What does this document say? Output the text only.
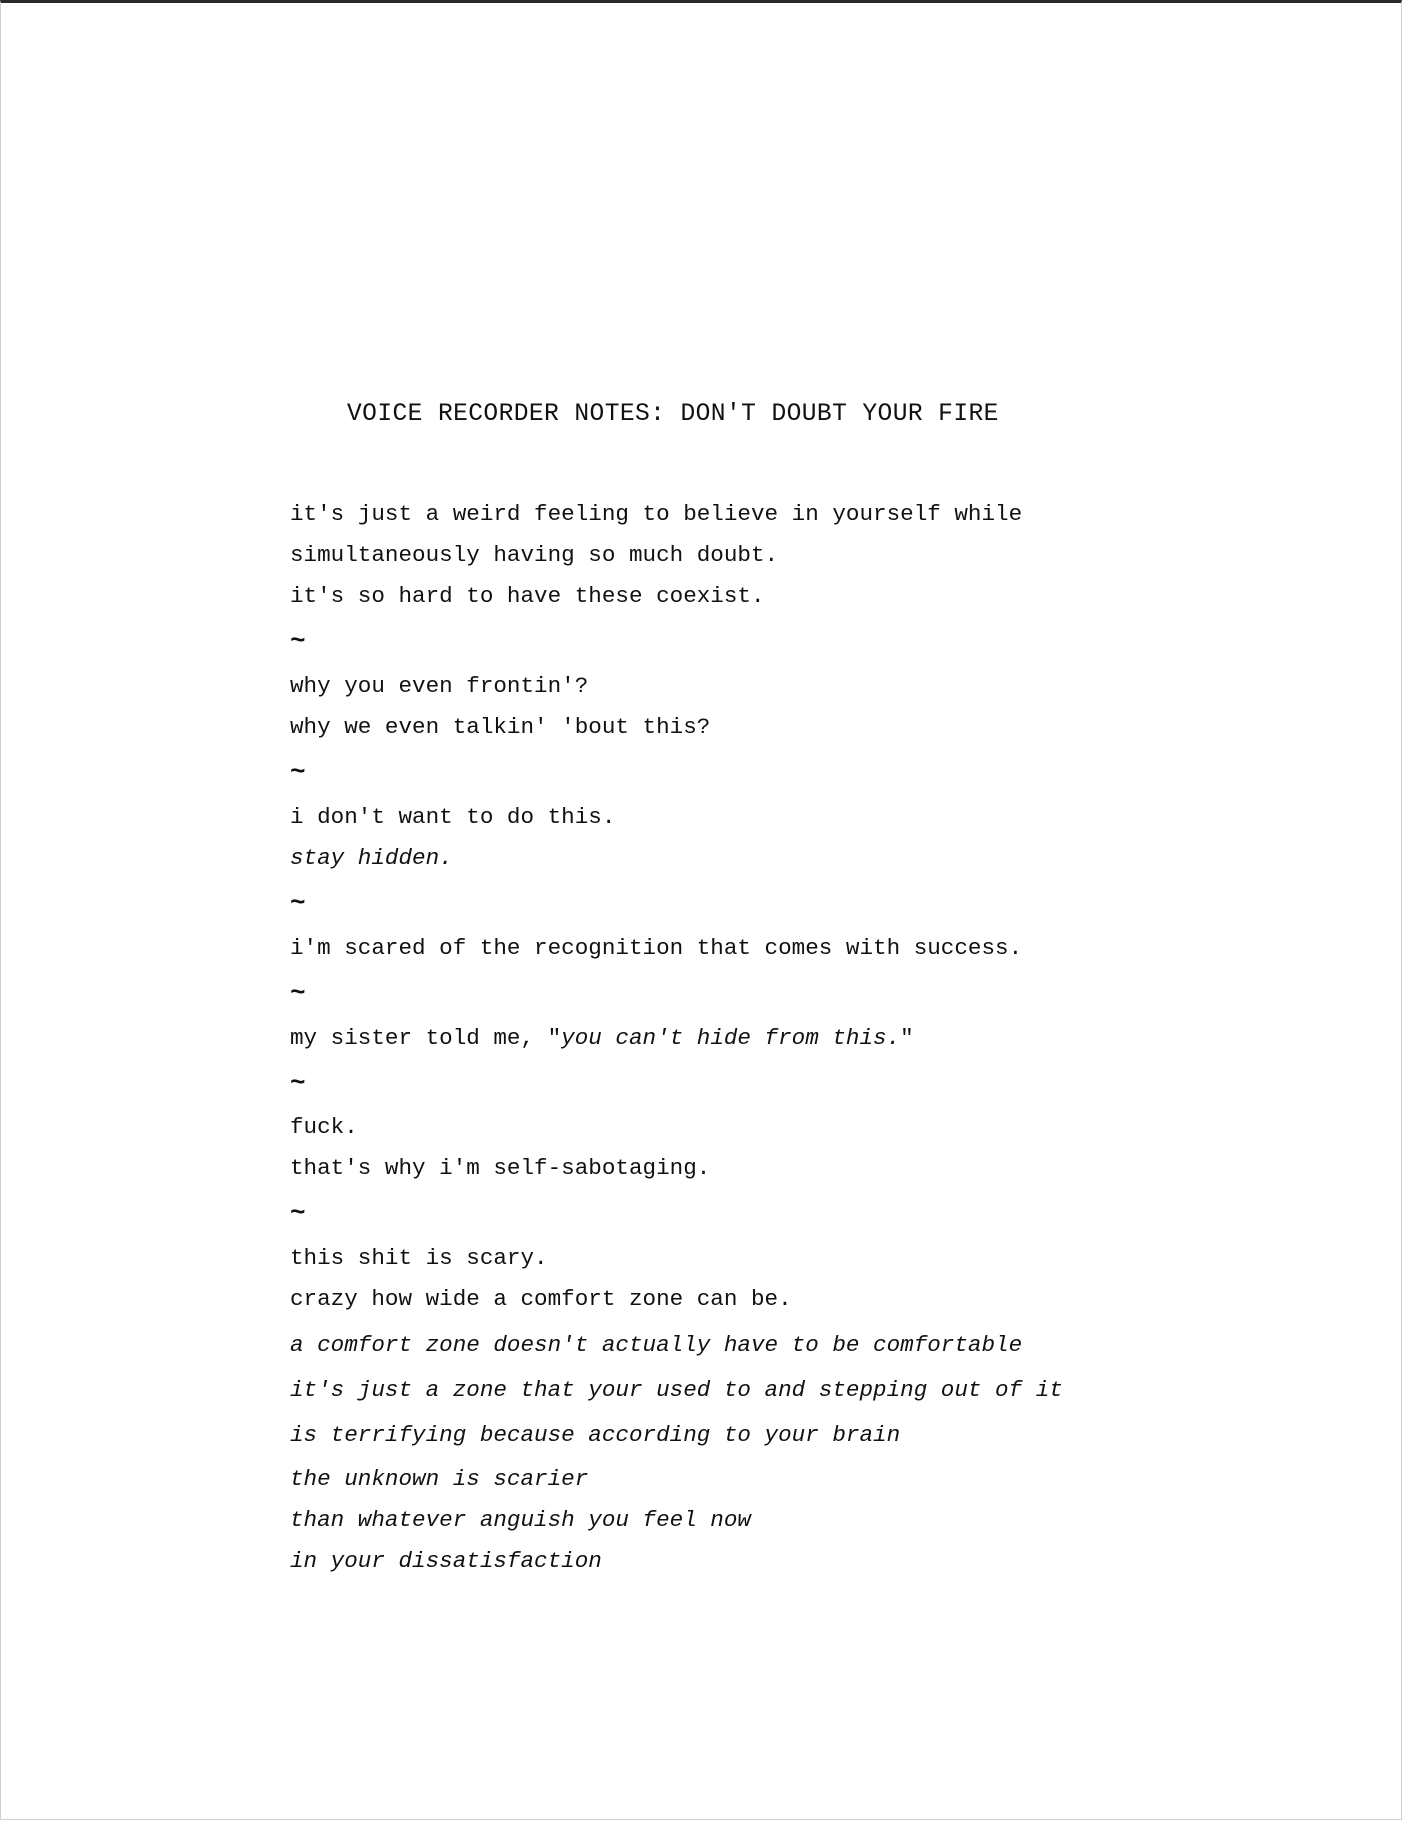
VOICE RECORDER NOTES: DON'T DOUBT YOUR FIRE
it's just a weird feeling to believe in yourself while
simultaneously having so much doubt.
it's so hard to have these coexist.
~
why you even frontin'?
why we even talkin' 'bout this?
~
i don't want to do this.
stay hidden.
~
i'm scared of the recognition that comes with success.
~
my sister told me, "you can't hide from this."
~
fuck.
that's why i'm self-sabotaging.
~
this shit is scary.
crazy how wide a comfort zone can be.
a comfort zone doesn't actually have to be comfortable
it's just a zone that your used to and stepping out of it
is terrifying because according to your brain
the unknown is scarier
than whatever anguish you feel now
in your dissatisfaction
